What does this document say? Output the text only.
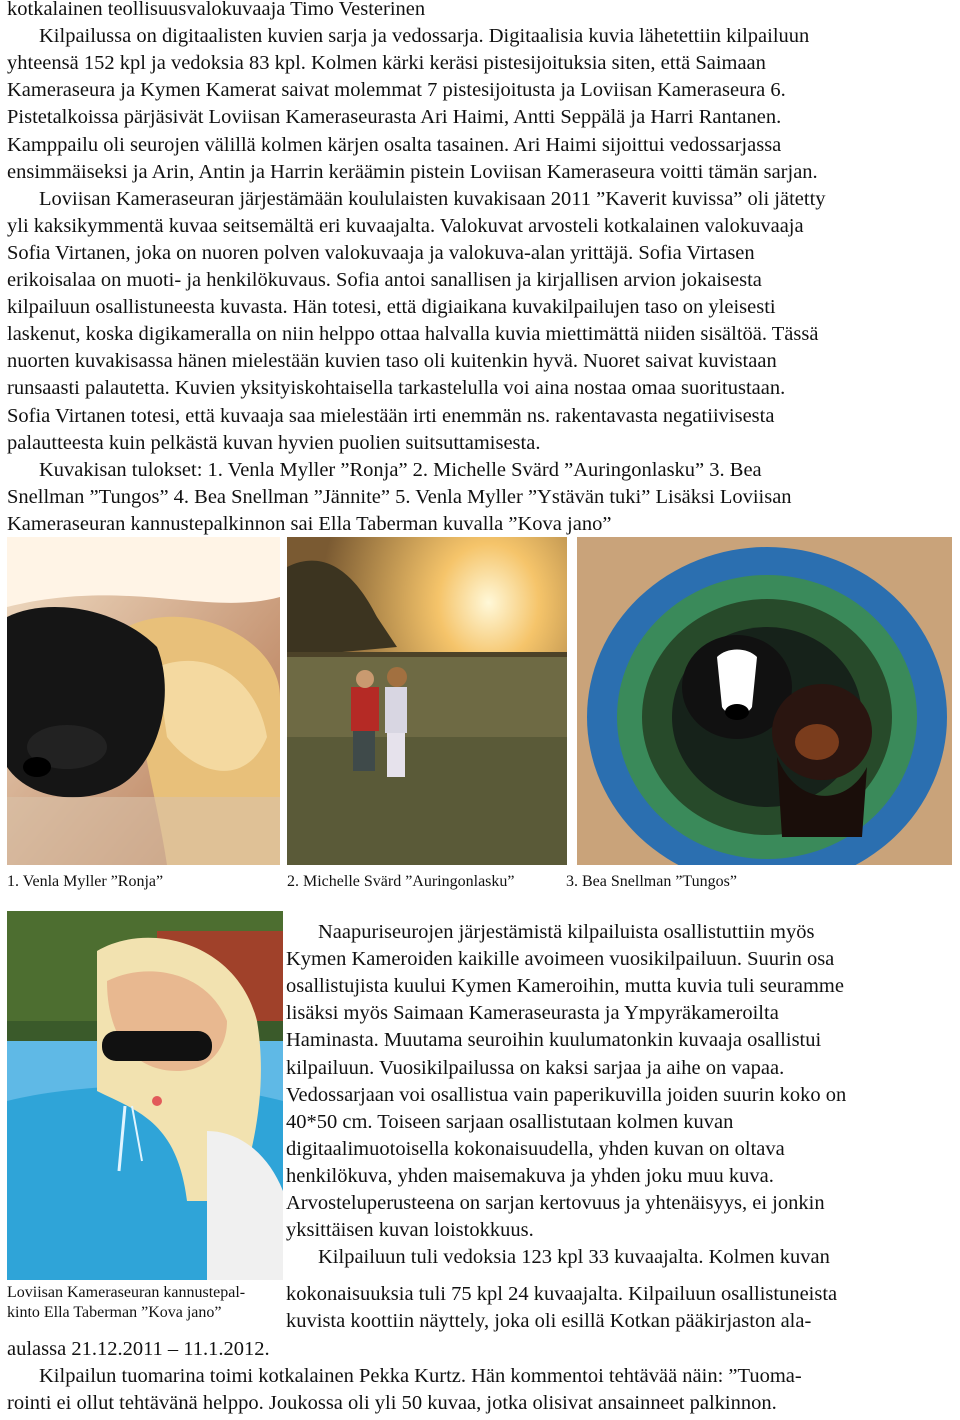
kotkalainen teollisuusvalokuvaaja Timo Vesterinen
Kilpailussa on digitaalisten kuvien sarja ja vedossarja. Digitaalisia kuvia lähetettiin kilpailuun
yhteensä 152 kpl ja vedoksia 83 kpl. Kolmen kärki keräsi pistesijoituksia siten, että Saimaan
Kameraseura ja Kymen Kamerat saivat molemmat 7 pistesijoitusta ja Loviisan Kameraseura 6.
Pistetalkoissa pärjäsivät Loviisan Kameraseurasta Ari Haimi, Antti Seppälä ja Harri Rantanen.
Kamppailu oli seurojen välillä kolmen kärjen osalta tasainen. Ari Haimi sijoittui vedossarjassa
ensimmäiseksi ja Arin, Antin ja Harrin keräämin pistein Loviisan Kameraseura voitti tämän sarjan.
Loviisan Kameraseuran järjestämään koululaisten kuvakisaan 2011 ”Kaverit kuvissa” oli jätetty
yli kaksikymmentä kuvaa seitsemältä eri kuvaajalta. Valokuvat arvosteli kotkalainen valokuvaaja
Sofia Virtanen, joka on nuoren polven valokuvaaja ja valokuva-alan yrittäjä. Sofia Virtasen
erikoisalaa on muoti- ja henkilökuvaus. Sofia antoi sanallisen ja kirjallisen arvion jokaisesta
kilpailuun osallistuneesta kuvasta. Hän totesi, että digiaikana kuvakilpailujen taso on yleisesti
laskenut, koska digikameralla on niin helppo ottaa halvalla kuvia miettimättä niiden sisältöä. Tässä
nuorten kuvakisassa hänen mielestään kuvien taso oli kuitenkin hyvä. Nuoret saivat kuvistaan
runsaasti palautetta. Kuvien yksityiskohtaisella tarkastelulla voi aina nostaa omaa suoritustaan.
Sofia Virtanen totesi, että kuvaaja saa mielestään irti enemmän ns. rakentavasta negatiivisesta
palautteesta kuin pelkästä kuvan hyvien puolien suitsuttamisesta.
Kuvakisan tulokset: 1. Venla Myller ”Ronja” 2. Michelle Svärd ”Auringonlasku” 3. Bea
Snellman ”Tungos” 4. Bea Snellman ”Jännite” 5. Venla Myller ”Ystävän tuki” Lisäksi Loviisan
Kameraseuran kannustepalkinnon sai Ella Taberman kuvalla ”Kova jano”
1. Venla Myller ”Ronja”	2. Michelle Svärd ”Auringonlasku”	3. Bea Snellman ”Tungos”
Loviisan Kameraseuran kannustepal-
kinto Ella Taberman ”Kova jano”
Naapuriseurojen järjestämistä kilpailuista osallistuttiin myös
Kymen Kameroiden kaikille avoimeen vuosikilpailuun. Suurin osa
osallistujista kuului Kymen Kameroihin, mutta kuvia tuli seuramme
lisäksi myös Saimaan Kameraseurasta ja Ympyräkameroilta
Haminasta. Muutama seuroihin kuulumatonkin kuvaaja osallistui
kilpailuun. Vuosikilpailussa on kaksi sarjaa ja aihe on vapaa.
Vedossarjaan voi osallistua vain paperikuvilla joiden suurin koko on
40*50 cm. Toiseen sarjaan osallistutaan kolmen kuvan
digitaalimuotoisella kokonaisuudella, yhden kuvan on oltava
henkilökuva, yhden maisemakuva ja yhden joku muu kuva.
Arvosteluperusteena on sarjan kertovuus ja yhtenäisyys, ei jonkin
yksittäisen kuvan loistokkuus.
Kilpailuun tuli vedoksia 123 kpl 33 kuvaajalta. Kolmen kuvan
kokonaisuuksia tuli 75 kpl 24 kuvaajalta. Kilpailuun osallistuneista
kuvista koottiin näyttely, joka oli esillä Kotkan pääkirjaston ala-
aulassa 21.12.2011 – 11.1.2012.
Kilpailun tuomarina toimi kotkalainen Pekka Kurtz. Hän kommentoi tehtävää näin: ”Tuoma-
rointi ei ollut tehtävänä helppo. Joukossa oli yli 50 kuvaa, jotka olisivat ansainneet palkinnon.
